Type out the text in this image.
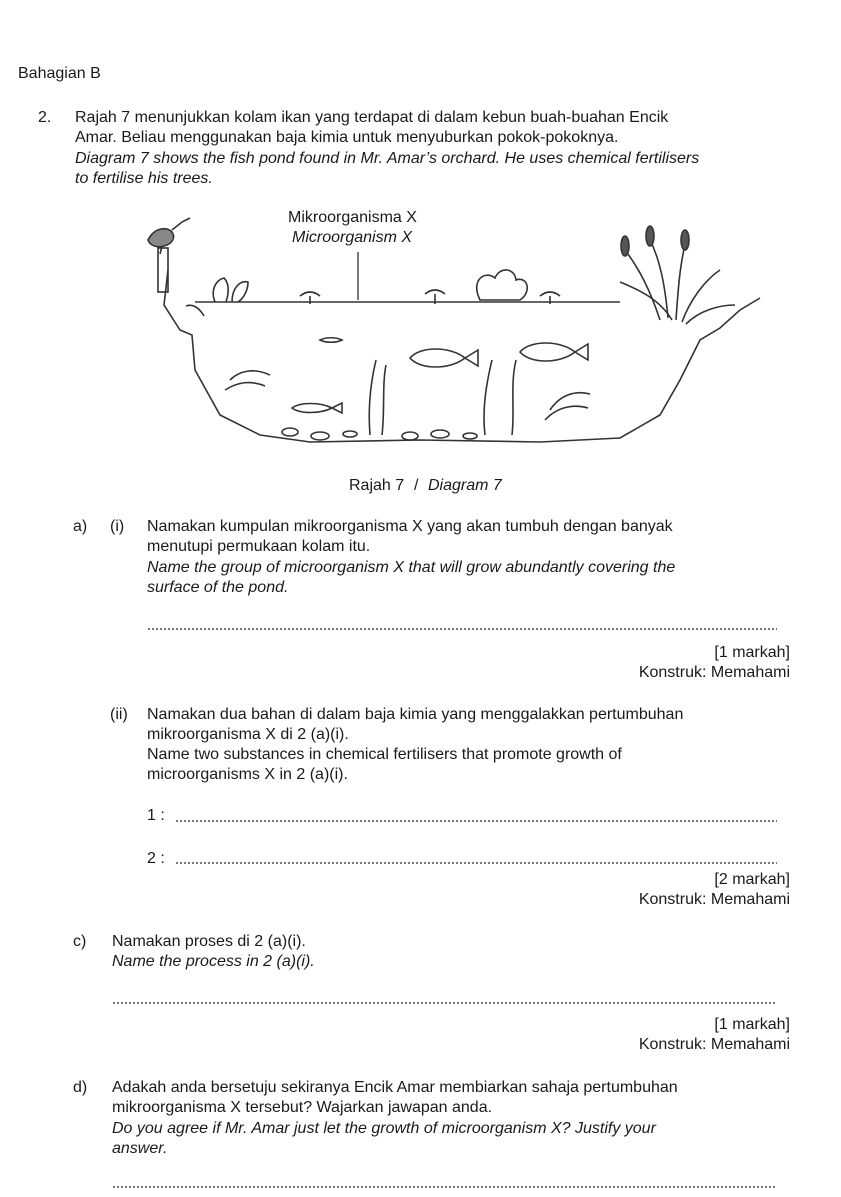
Bahagian B
2. Rajah 7 menunjukkan kolam ikan yang terdapat di dalam kebun buah-buahan Encik
Amar. Beliau menggunakan baja kimia untuk menyuburkan pokok-pokoknya.
Diagram 7 shows the fish pond found in Mr. Amar’s orchard. He uses chemical fertilisers
to fertilise his trees.
Mikroorganisma X
Microorganism X
Rajah 7 / Diagram 7
a) (i) Namakan kumpulan mikroorganisma X yang akan tumbuh dengan banyak
menutupi permukaan kolam itu.
Name the group of microorganism X that will grow abundantly covering the
surface of the pond.
[1 markah]
Konstruk: Memahami
(ii) Namakan dua bahan di dalam baja kimia yang menggalakkan pertumbuhan
mikroorganisma X di 2 (a)(i).
Name two substances in chemical fertilisers that promote growth of
microorganisms X in 2 (a)(i).
1 :
2 :
[2 markah]
Konstruk: Memahami
c) Namakan proses di 2 (a)(i).
Name the process in 2 (a)(i).
[1 markah]
Konstruk: Memahami
d) Adakah anda bersetuju sekiranya Encik Amar membiarkan sahaja pertumbuhan
mikroorganisma X tersebut? Wajarkan jawapan anda.
Do you agree if Mr. Amar just let the growth of microorganism X? Justify your
answer.
